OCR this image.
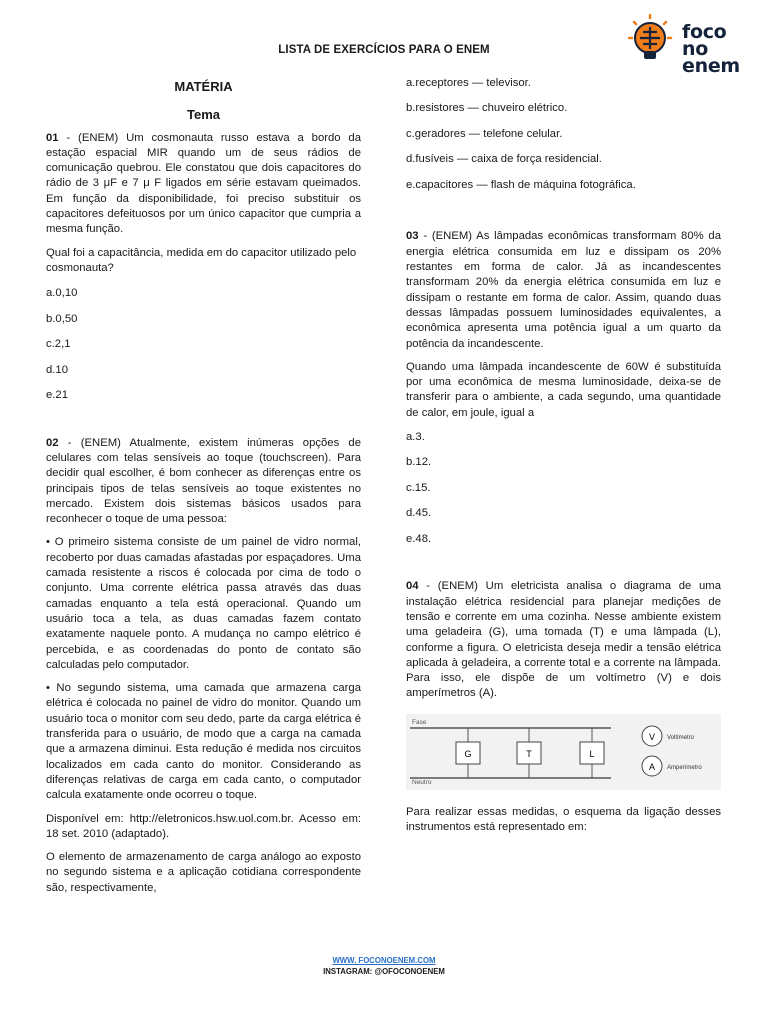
foco
no enem
LISTA DE EXERCÍCIOS PARA O ENEM
MATÉRIA
Tema

01 - (ENEM) Um cosmonauta russo estava a bordo da estação espacial MIR quando um de seus rádios de comunicação quebrou. Ele constatou que dois capacitores do rádio de 3 μF e 7 μ F ligados em série estavam queimados. Em função da disponibilidade, foi preciso substituir os capacitores defeituosos por um único capacitor que cumpria a mesma função.

Qual foi a capacitância, medida em do capacitor utilizado pelo cosmonauta?

a.0,10
b.0,50
c.2,1
d.10
e.21

02 - (ENEM) Atualmente, existem inúmeras opções de celulares com telas sensíveis ao toque (touchscreen). Para decidir qual escolher, é bom conhecer as diferenças entre os principais tipos de telas sensíveis ao toque existentes no mercado. Existem dois sistemas básicos usados para reconhecer o toque de uma pessoa:

• O primeiro sistema consiste de um painel de vidro normal, recoberto por duas camadas afastadas por espaçadores. Uma camada resistente a riscos é colocada por cima de todo o conjunto. Uma corrente elétrica passa através das duas camadas enquanto a tela está operacional. Quando um usuário toca a tela, as duas camadas fazem contato exatamente naquele ponto. A mudança no campo elétrico é percebida, e as coordenadas do ponto de contato são calculadas pelo computador.

• No segundo sistema, uma camada que armazena carga elétrica é colocada no painel de vidro do monitor. Quando um usuário toca o monitor com seu dedo, parte da carga elétrica é transferida para o usuário, de modo que a carga na camada que a armazena diminui. Esta redução é medida nos circuitos localizados em cada canto do monitor. Considerando as diferenças relativas de carga em cada canto, o computador calcula exatamente onde ocorreu o toque.

Disponível em: http://eletronicos.hsw.uol.com.br. Acesso em: 18 set. 2010 (adaptado).

O elemento de armazenamento de carga análogo ao exposto no segundo sistema e a aplicação cotidiana correspondente são, respectivamente,

a.receptores — televisor.
b.resistores — chuveiro elétrico.
c.geradores — telefone celular.
d.fusíveis — caixa de força residencial.
e.capacitores — flash de máquina fotográfica.

03 - (ENEM) As lâmpadas econômicas transformam 80% da energia elétrica consumida em luz e dissipam os 20% restantes em forma de calor. Já as incandescentes transformam 20% da energia elétrica consumida em luz e dissipam o restante em forma de calor. Assim, quando duas dessas lâmpadas possuem luminosidades equivalentes, a econômica apresenta uma potência igual a um quarto da potência da incandescente.

Quando uma lâmpada incandescente de 60W é substituída por uma econômica de mesma luminosidade, deixa-se de transferir para o ambiente, a cada segundo, uma quantidade de calor, em joule, igual a

a.3.
b.12.
c.15.
d.45.
e.48.

04 - (ENEM) Um eletricista analisa o diagrama de uma instalação elétrica residencial para planejar medições de tensão e corrente em uma cozinha. Nesse ambiente existem uma geladeira (G), uma tomada (T) e uma lâmpada (L), conforme a figura. O eletricista deseja medir a tensão elétrica aplicada à geladeira, a corrente total e a corrente na lâmpada. Para isso, ele dispõe de um voltímetro (V) e dois amperímetros (A).

Fase
Neutro
G	T	L
V Voltímetro
A Amperímetro

Para realizar essas medidas, o esquema da ligação desses instrumentos está representado em:

WWW. FOCONOENEM.COM
INSTAGRAM: @OFOCONOENEM
